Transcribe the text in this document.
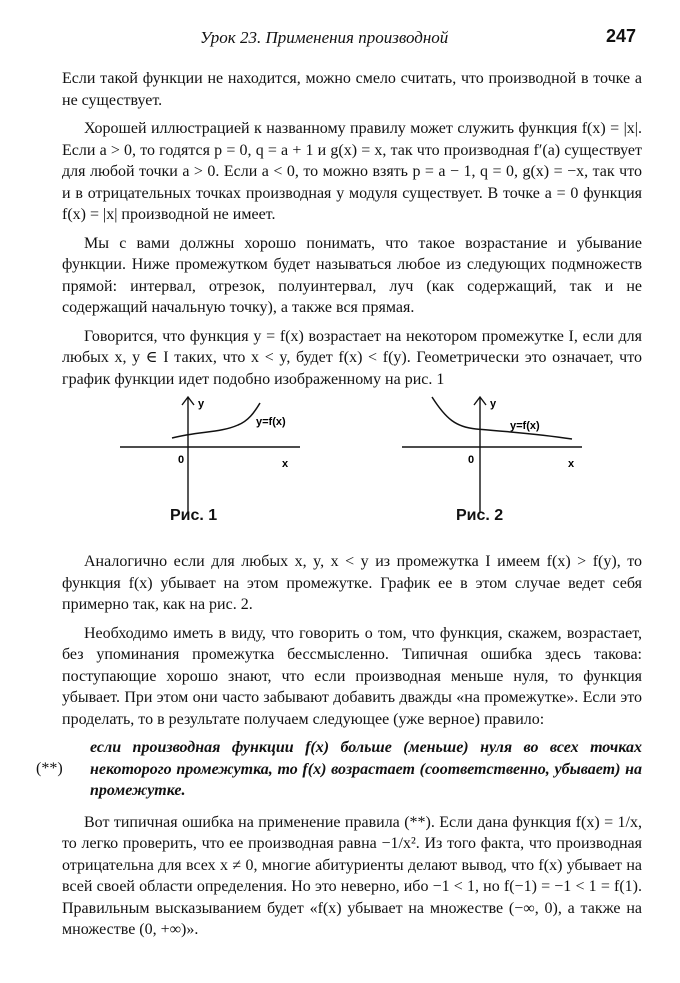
Урок 23. Применения производной	247

Если такой функции не находится, можно смело считать, что производной в точке a не существует.

Хорошей иллюстрацией к названному правилу может служить функция f(x) = |x|. Если a > 0, то годятся p = 0, q = a + 1 и g(x) = x, так что производная f′(a) существует для любой точки a > 0. Если a < 0, то можно взять p = a − 1, q = 0, g(x) = −x, так что и в отрицательных точках производная у модуля существует. В точке a = 0 функция f(x) = |x| производной не имеет.

Мы с вами должны хорошо понимать, что такое возрастание и убывание функции. Ниже промежутком будет называться любое из следующих подмножеств прямой: интервал, отрезок, полуинтервал, луч (как содержащий, так и не содержащий начальную точку), а также вся прямая.

Говорится, что функция y = f(x) возрастает на некотором промежутке I, если для любых x, y ∈ I таких, что x < y, будет f(x) < f(y). Геометрически это означает, что график функции идет подобно изображенному на рис. 1

y
x
0
y=f(x)
Рис. 1
y
x
0
y=f(x)
Рис. 2

Аналогично если для любых x, y, x < y из промежутка I имеем f(x) > f(y), то функция f(x) убывает на этом промежутке. График ее в этом случае ведет себя примерно так, как на рис. 2.

Необходимо иметь в виду, что говорить о том, что функция, скажем, возрастает, без упоминания промежутка бессмысленно. Типичная ошибка здесь такова: поступающие хорошо знают, что если производная меньше нуля, то функция убывает. При этом они часто забывают добавить дважды «на промежутке». Если это проделать, то в результате получаем следующее (уже верное) правило:

(**)

если производная функции f(x) больше (меньше) нуля во всех точках некоторого промежутка, то f(x) возрастает (соответственно, убывает) на промежутке.

Вот типичная ошибка на применение правила (**). Если дана функция f(x) = 1/x, то легко проверить, что ее производная равна −1/x². Из того факта, что производная отрицательна для всех x ≠ 0, многие абитуриенты делают вывод, что f(x) убывает на всей своей области определения. Но это неверно, ибо −1 < 1, но f(−1) = −1 < 1 = f(1). Правильным высказыванием будет «f(x) убывает на множестве (−∞, 0), а также на множестве (0, +∞)».
